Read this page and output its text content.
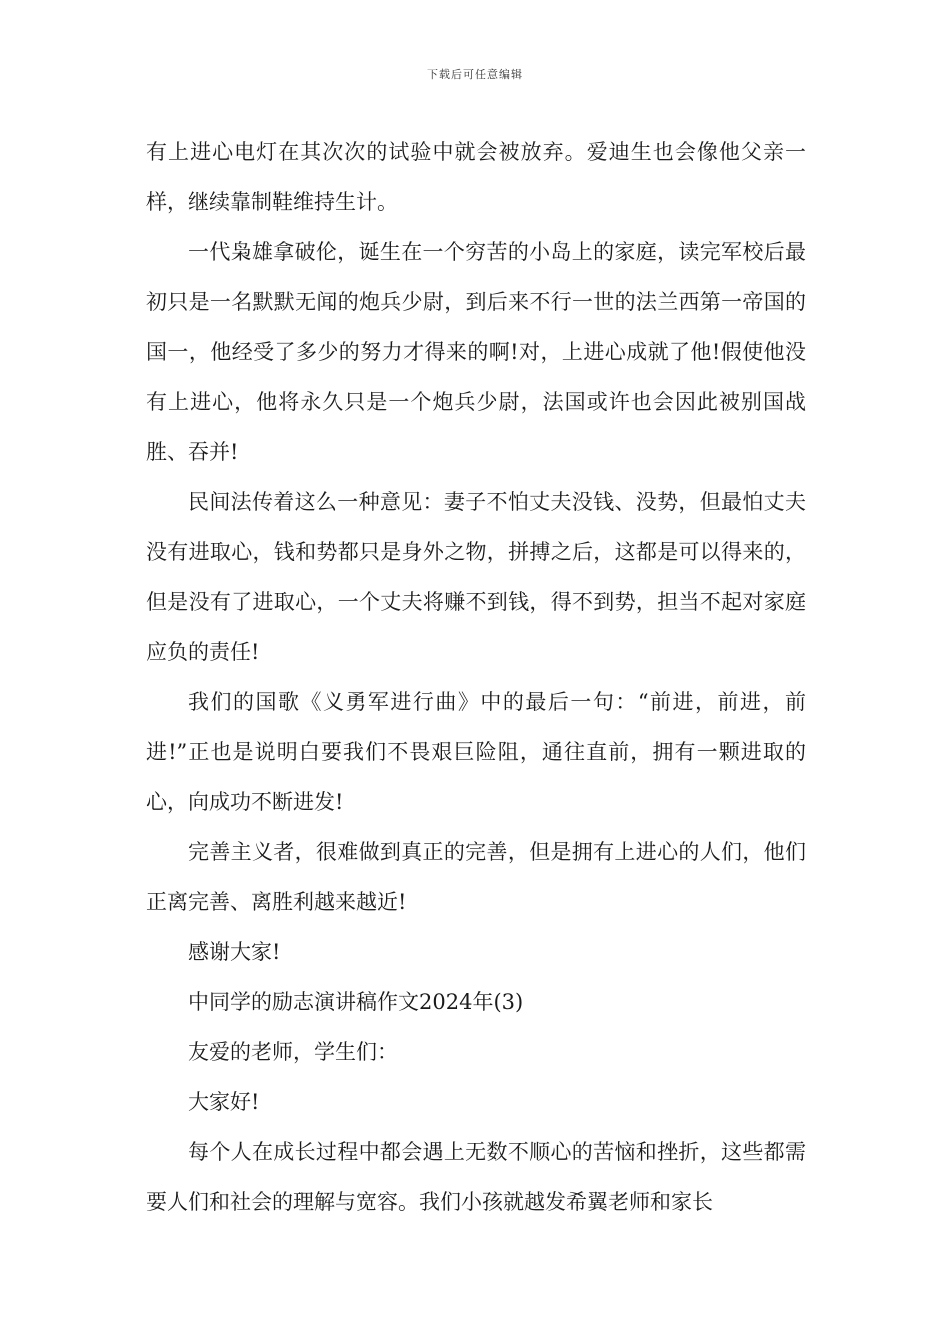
下载后可任意编辑

有上进心电灯在其次次的试验中就会被放弃。爱迪生也会像他父亲一样，继续靠制鞋维持生计。

一代枭雄拿破伦，诞生在一个穷苦的小岛上的家庭，读完军校后最初只是一名默默无闻的炮兵少尉，到后来不行一世的法兰西第一帝国的国一，他经受了多少的努力才得来的啊!对，上进心成就了他!假使他没有上进心，他将永久只是一个炮兵少尉，法国或许也会因此被别国战胜、吞并!

民间法传着这么一种意见：妻子不怕丈夫没钱、没势，但最怕丈夫没有进取心，钱和势都只是身外之物，拼搏之后，这都是可以得来的，但是没有了进取心，一个丈夫将赚不到钱，得不到势，担当不起对家庭应负的责任!

我们的国歌《义勇军进行曲》中的最后一句：“前进，前进，前进!”正也是说明白要我们不畏艰巨险阻，通往直前，拥有一颗进取的心，向成功不断进发!

完善主义者，很难做到真正的完善，但是拥有上进心的人们，他们正离完善、离胜利越来越近!

感谢大家!

中同学的励志演讲稿作文2024年(3)

友爱的老师，学生们：

大家好!

每个人在成长过程中都会遇上无数不顺心的苦恼和挫折，这些都需要人们和社会的理解与宽容。我们小孩就越发希翼老师和家长
